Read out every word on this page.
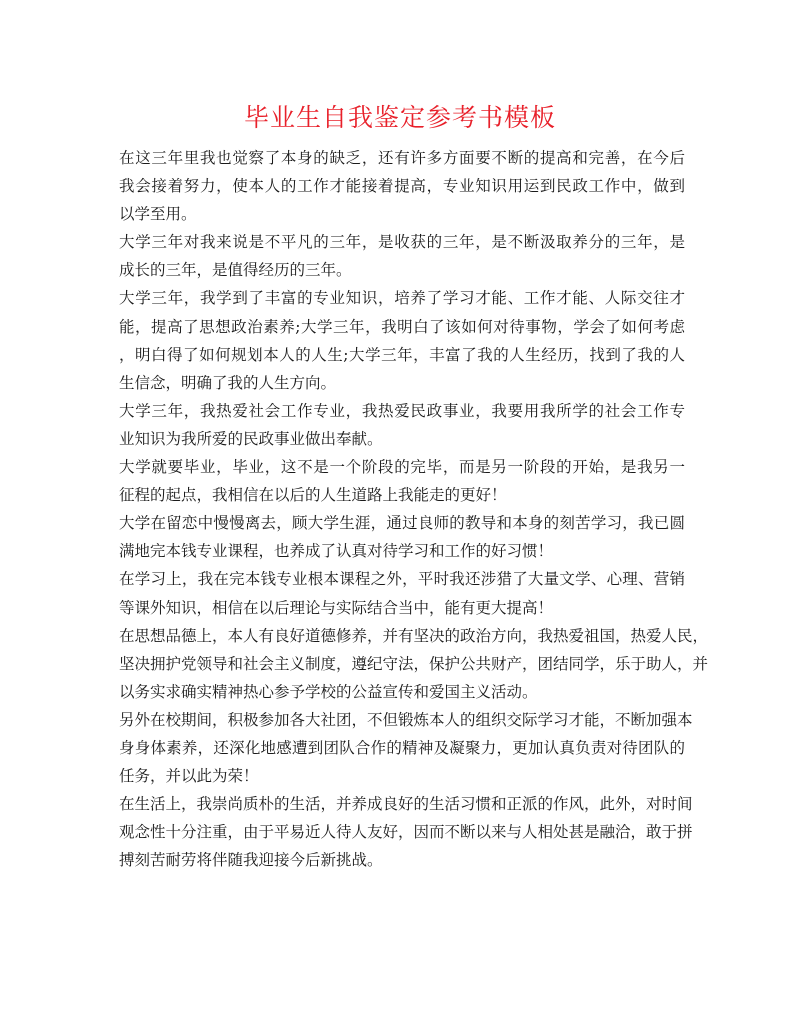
毕业生自我鉴定参考书模板
在这三年里我也觉察了本身的缺乏，还有许多方面要不断的提高和完善，在今后
我会接着努力，使本人的工作才能接着提高，专业知识用运到民政工作中，做到
以学至用。
大学三年对我来说是不平凡的三年，是收获的三年，是不断汲取养分的三年，是
成长的三年，是值得经历的三年。
大学三年，我学到了丰富的专业知识，培养了学习才能、工作才能、人际交往才
能，提高了思想政治素养;大学三年，我明白了该如何对待事物，学会了如何考虑
，明白得了如何规划本人的人生;大学三年，丰富了我的人生经历，找到了我的人
生信念，明确了我的人生方向。
大学三年，我热爱社会工作专业，我热爱民政事业，我要用我所学的社会工作专
业知识为我所爱的民政事业做出奉献。
大学就要毕业，毕业，这不是一个阶段的完毕，而是另一阶段的开始，是我另一
征程的起点，我相信在以后的人生道路上我能走的更好！
大学在留恋中慢慢离去，顾大学生涯，通过良师的教导和本身的刻苦学习，我已圆
满地完本钱专业课程，也养成了认真对待学习和工作的好习惯！
在学习上，我在完本钱专业根本课程之外，平时我还涉猎了大量文学、心理、营销
等课外知识，相信在以后理论与实际结合当中，能有更大提高！
在思想品德上，本人有良好道德修养，并有坚决的政治方向，我热爱祖国，热爱人民，
坚决拥护党领导和社会主义制度，遵纪守法，保护公共财产，团结同学，乐于助人，并
以务实求确实精神热心参予学校的公益宣传和爱国主义活动。
另外在校期间，积极参加各大社团，不但锻炼本人的组织交际学习才能，不断加强本
身身体素养，还深化地感遭到团队合作的精神及凝聚力，更加认真负责对待团队的
任务，并以此为荣！
在生活上，我崇尚质朴的生活，并养成良好的生活习惯和正派的作风，此外，对时间
观念性十分注重，由于平易近人待人友好，因而不断以来与人相处甚是融洽，敢于拼
搏刻苦耐劳将伴随我迎接今后新挑战。
